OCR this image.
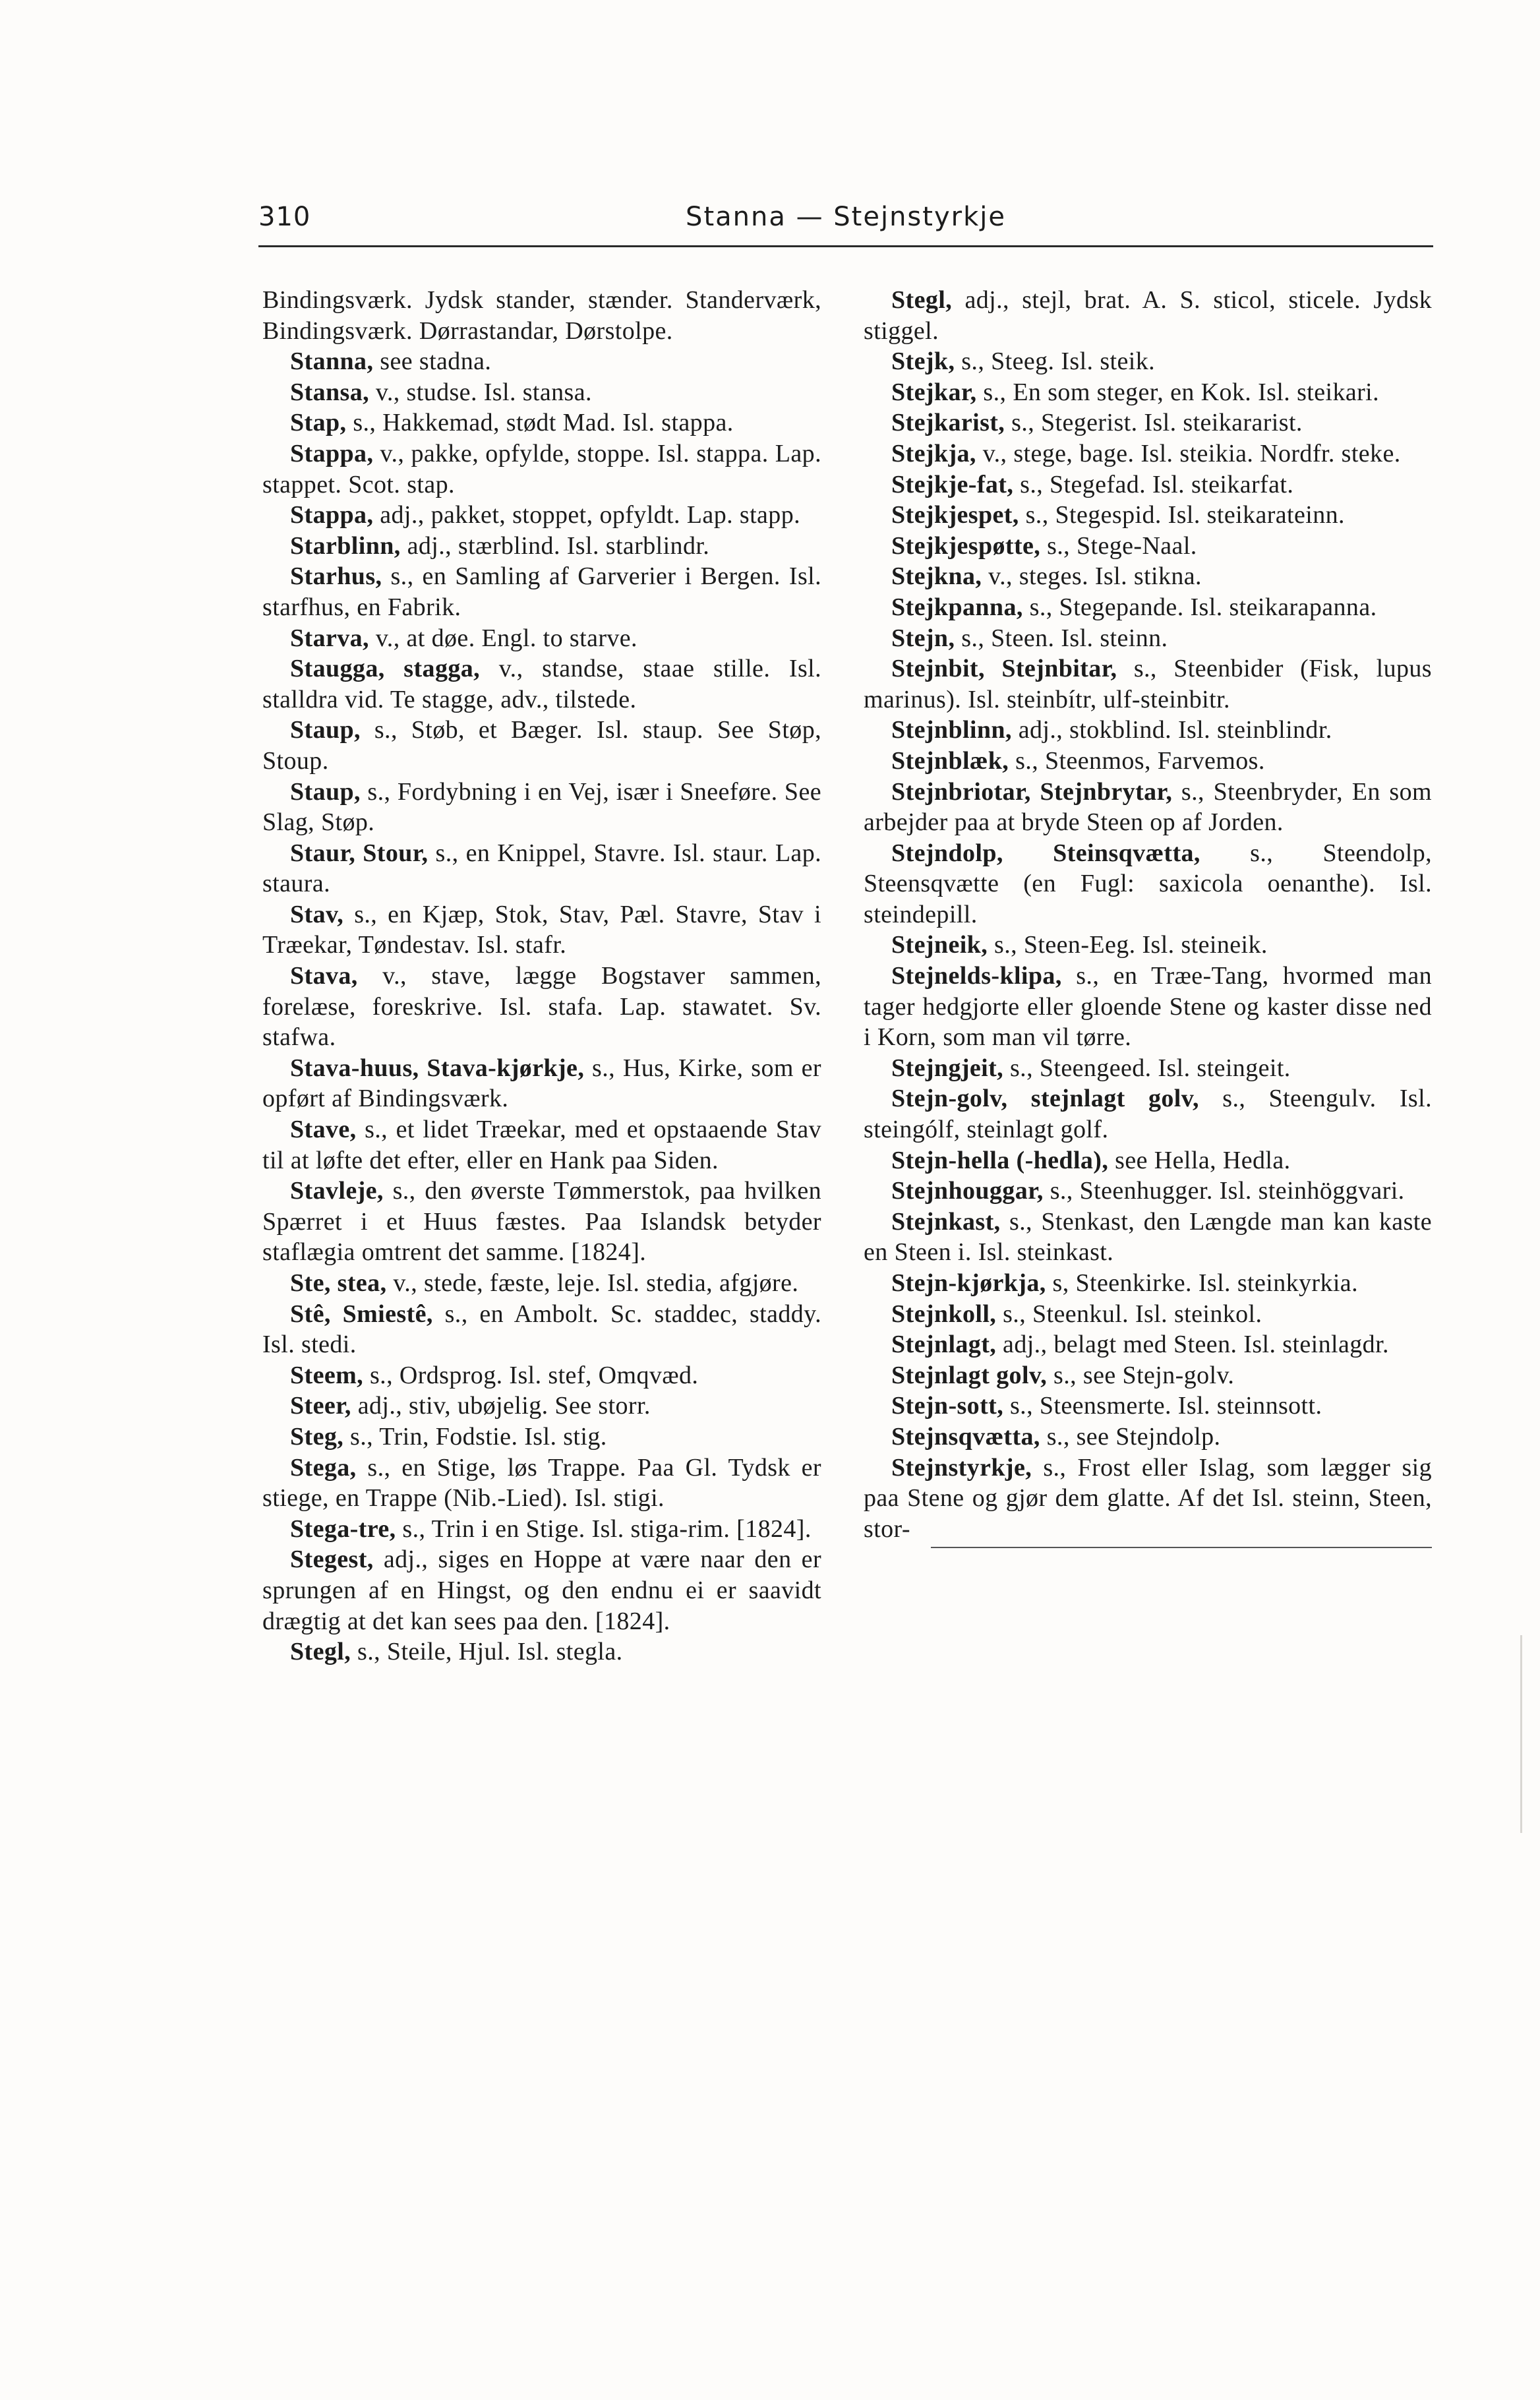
310	Stanna — Stejnstyrkje

Bindingsværk. Jydsk stander, stænder. Standerværk, Bindingsværk. Dørrastandar, Dørstolpe.

Stanna, see stadna.

Stansa, v., studse. Isl. stansa.

Stap, s., Hakkemad, stødt Mad. Isl. stappa.

Stappa, v., pakke, opfylde, stoppe. Isl. stappa. Lap. stappet. Scot. stap.

Stappa, adj., pakket, stoppet, opfyldt. Lap. stapp.

Starblinn, adj., stærblind. Isl. starblindr.

Starhus, s., en Samling af Garverier i Bergen. Isl. starfhus, en Fabrik.

Starva, v., at døe. Engl. to starve.

Staugga, stagga, v., standse, staae stille. Isl. stalldra vid. Te stagge, adv., tilstede.

Staup, s., Støb, et Bæger. Isl. staup. See Støp, Stoup.

Staup, s., Fordybning i en Vej, især i Sneeføre. See Slag, Støp.

Staur, Stour, s., en Knippel, Stavre. Isl. staur. Lap. staura.

Stav, s., en Kjæp, Stok, Stav, Pæl. Stavre, Stav i Træekar, Tøndestav. Isl. stafr.

Stava, v., stave, lægge Bogstaver sammen, forelæse, foreskrive. Isl. stafa. Lap. stawatet. Sv. stafwa.

Stava-huus, Stava-kjørkje, s., Hus, Kirke, som er opført af Bindingsværk.

Stave, s., et lidet Træekar, med et opstaaende Stav til at løfte det efter, eller en Hank paa Siden.

Stavleje, s., den øverste Tømmerstok, paa hvilken Spærret i et Huus fæstes. Paa Islandsk betyder staflægia omtrent det samme. [1824].

Ste, stea, v., stede, fæste, leje. Isl. stedia, afgjøre.

Stê, Smiestê, s., en Ambolt. Sc. staddec, staddy. Isl. stedi.

Steem, s., Ordsprog. Isl. stef, Omqvæd.

Steer, adj., stiv, ubøjelig. See storr.

Steg, s., Trin, Fodstie. Isl. stig.

Stega, s., en Stige, løs Trappe. Paa Gl. Tydsk er stiege, en Trappe (Nib.-Lied). Isl. stigi.

Stega-tre, s., Trin i en Stige. Isl. stiga-rim. [1824].

Stegest, adj., siges en Hoppe at være naar den er sprungen af en Hingst, og den endnu ei er saavidt drægtig at det kan sees paa den. [1824].

Stegl, s., Steile, Hjul. Isl. stegla.

Stegl, adj., stejl, brat. A. S. sticol, sticele. Jydsk stiggel.

Stejk, s., Steeg. Isl. steik.

Stejkar, s., En som steger, en Kok. Isl. steikari.

Stejkarist, s., Stegerist. Isl. steikararist.

Stejkja, v., stege, bage. Isl. steikia. Nordfr. steke.

Stejkje-fat, s., Stegefad. Isl. steikarfat.

Stejkjespet, s., Stegespid. Isl. steikarateinn.

Stejkjespøtte, s., Stege-Naal.

Stejkna, v., steges. Isl. stikna.

Stejkpanna, s., Stegepande. Isl. steikarapanna.

Stejn, s., Steen. Isl. steinn.

Stejnbit, Stejnbitar, s., Steenbider (Fisk, lupus marinus). Isl. steinbítr, ulf-steinbitr.

Stejnblinn, adj., stokblind. Isl. steinblindr.

Stejnblæk, s., Steenmos, Farvemos.

Stejnbriotar, Stejnbrytar, s., Steenbryder, En som arbejder paa at bryde Steen op af Jorden.

Stejndolp, Steinsqvætta, s., Steendolp, Steensqvætte (en Fugl: saxicola oenanthe). Isl. steindepill.

Stejneik, s., Steen-Eeg. Isl. steineik.

Stejnelds-klipa, s., en Træe-Tang, hvormed man tager hedgjorte eller gloende Stene og kaster disse ned i Korn, som man vil tørre.

Stejngjeit, s., Steengeed. Isl. steingeit.

Stejn-golv, stejnlagt golv, s., Steengulv. Isl. steingólf, steinlagt golf.

Stejn-hella (-hedla), see Hella, Hedla.

Stejnhouggar, s., Steenhugger. Isl. steinhöggvari.

Stejnkast, s., Stenkast, den Længde man kan kaste en Steen i. Isl. steinkast.

Stejn-kjørkja, s, Steenkirke. Isl. steinkyrkia.

Stejnkoll, s., Steenkul. Isl. steinkol.

Stejnlagt, adj., belagt med Steen. Isl. steinlagdr.

Stejnlagt golv, s., see Stejn-golv.

Stejn-sott, s., Steensmerte. Isl. steinnsott.

Stejnsqvætta, s., see Stejndolp.

Stejnstyrkje, s., Frost eller Islag, som lægger sig paa Stene og gjør dem glatte. Af det Isl. steinn, Steen, stor-
